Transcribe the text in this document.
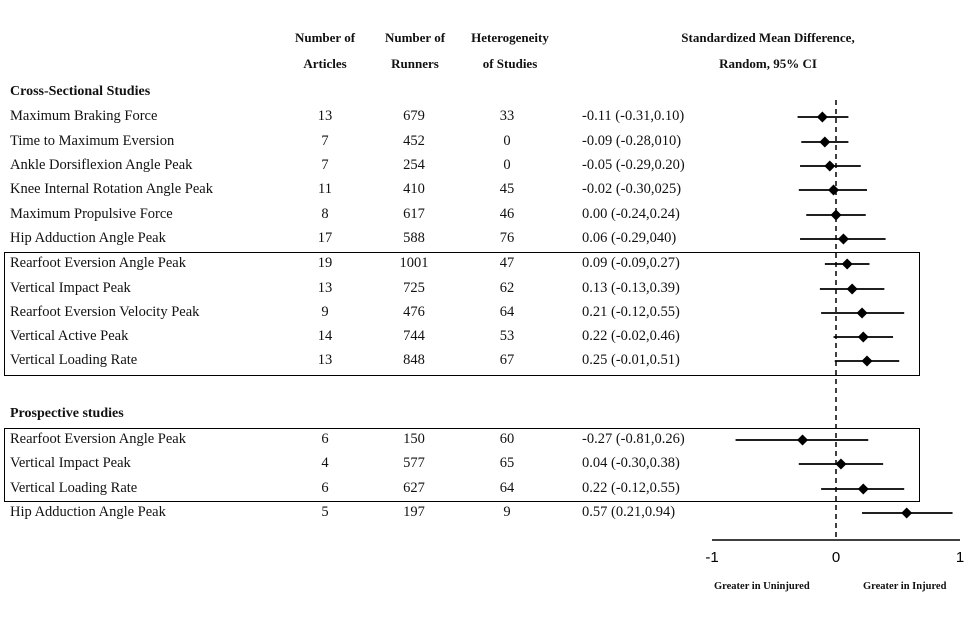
Number of
Articles
Number of
Runners
Heterogeneity
of Studies
Standardized Mean Difference,
Random, 95% CI
Cross-Sectional Studies
Prospective studies
Maximum Braking Force	13	679	33	-0.11 (-0.31,0.10)
Time to Maximum Eversion	7	452	0	-0.09 (-0.28,010)
Ankle Dorsiflexion Angle Peak	7	254	0	-0.05 (-0.29,0.20)
Knee Internal Rotation Angle Peak	11	410	45	-0.02 (-0.30,025)
Maximum Propulsive Force	8	617	46	0.00 (-0.24,0.24)
Hip Adduction Angle Peak	17	588	76	0.06 (-0.29,040)
Rearfoot Eversion Angle Peak	19	1001	47	0.09 (-0.09,0.27)
Vertical Impact Peak	13	725	62	0.13 (-0.13,0.39)
Rearfoot Eversion Velocity Peak	9	476	64	0.21 (-0.12,0.55)
Vertical Active Peak	14	744	53	0.22 (-0.02,0.46)
Vertical Loading Rate	13	848	67	0.25 (-0.01,0.51)
Rearfoot Eversion Angle Peak	6	150	60	-0.27 (-0.81,0.26)
Vertical Impact Peak	4	577	65	0.04 (-0.30,0.38)
Vertical Loading Rate	6	627	64	0.22 (-0.12,0.55)
Hip Adduction Angle Peak	5	197	9	0.57 (0.21,0.94)
-1	0	1
Greater in Uninjured	Greater in Injured
